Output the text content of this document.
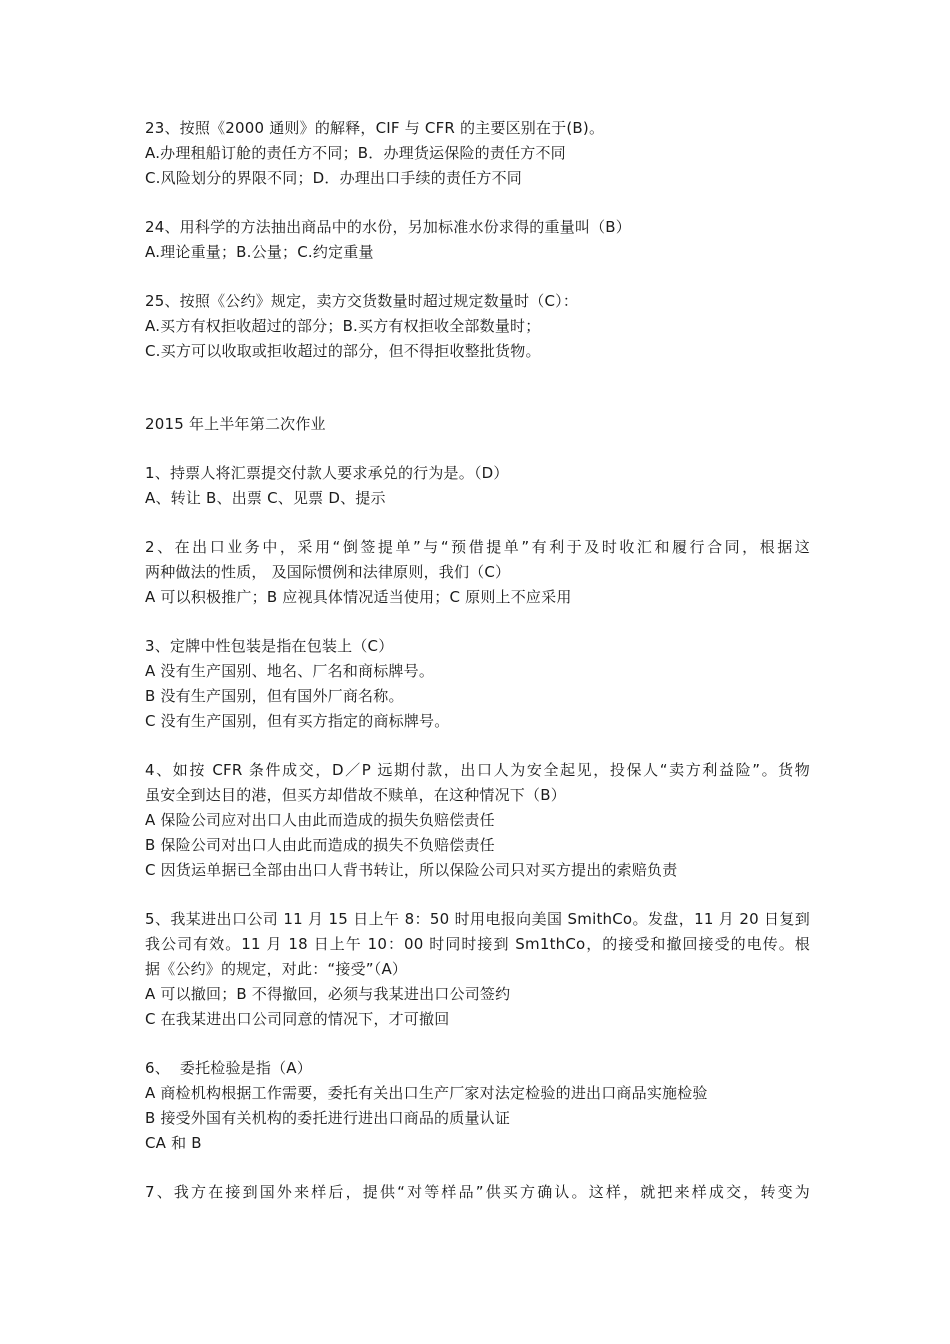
23、按照《2000 通则》的解释，CIF 与 CFR 的主要区别在于(B)。
A.办理租船订舱的责任方不同；B．办理货运保险的责任方不同
C.风险划分的界限不同；D．办理出口手续的责任方不同
24、用科学的方法抽出商品中的水份，另加标准水份求得的重量叫（B）
A.理论重量；B.公量；C.约定重量
25、按照《公约》规定，卖方交货数量时超过规定数量时（C）：
A.买方有权拒收超过的部分；B.买方有权拒收全部数量时；
C.买方可以收取或拒收超过的部分，但不得拒收整批货物。
2015 年上半年第二次作业
1、持票人将汇票提交付款人要求承兑的行为是。（D）
A、转让 B、出票 C、见票 D、提示
2、在出口业务中，采用“倒签提单”与“预借提单”有利于及时收汇和履行合同，根据这
两种做法的性质， 及国际惯例和法律原则，我们（C）
A 可以积极推广；B 应视具体情况适当使用；C 原则上不应采用
3、定牌中性包装是指在包装上（C）
A 没有生产国别、地名、厂名和商标牌号。
B 没有生产国别，但有国外厂商名称。
C 没有生产国别，但有买方指定的商标牌号。
4、如按 CFR 条件成交，D／P 远期付款，出口人为安全起见，投保人“卖方利益险”。货物
虽安全到达目的港，但买方却借故不赎单，在这种情况下（B）
A 保险公司应对出口人由此而造成的损失负赔偿责任
B 保险公司对出口人由此而造成的损失不负赔偿责任
C 因货运单据已全部由出口人背书转让，所以保险公司只对买方提出的索赔负责
5、我某进出口公司 11 月 15 日上午 8：50 时用电报向美国 SmithCo。发盘，11 月 20 日复到
我公司有效。11 月 18 日上午 10：00 时同时接到 Sm1thCo，的接受和撤回接受的电传。根
据《公约》的规定，对此：“接受”（A）
A 可以撤回；B 不得撤回，必须与我某进出口公司签约
C 在我某进出口公司同意的情况下，才可撤回
6、  委托检验是指（A）
A 商检机构根据工作需要，委托有关出口生产厂家对法定检验的进出口商品实施检验
B 接受外国有关机构的委托进行进出口商品的质量认证
CA 和 B
7、我方在接到国外来样后，提供“对等样品”供买方确认。这样，就把来样成交，转变为
